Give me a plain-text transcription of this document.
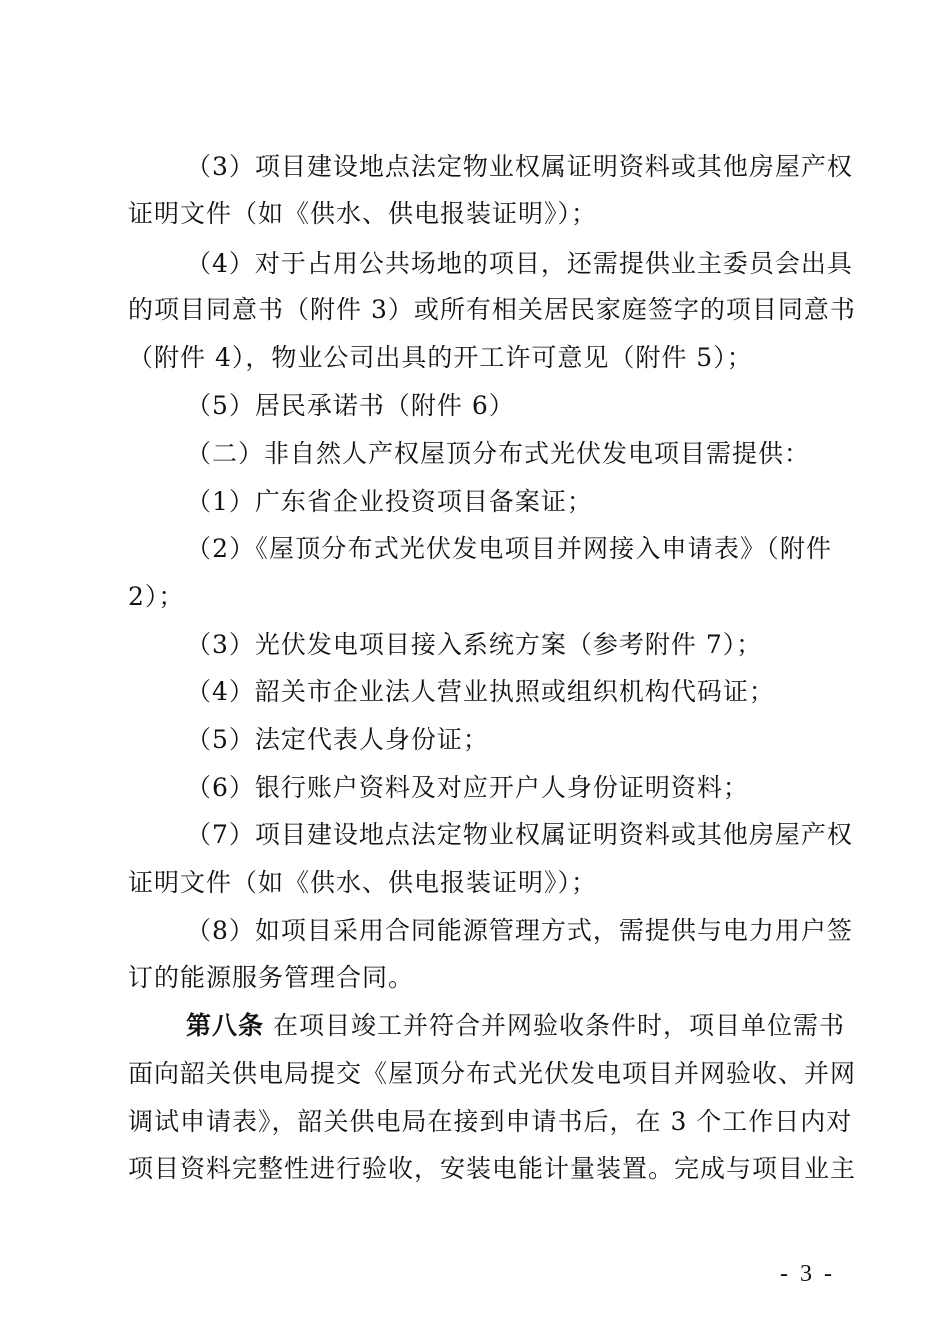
（3）项目建设地点法定物业权属证明资料或其他房屋产权
证明文件（如《供水、供电报装证明》）；
（4）对于占用公共场地的项目，还需提供业主委员会出具
的项目同意书（附件 3）或所有相关居民家庭签字的项目同意书
（附件 4），物业公司出具的开工许可意见（附件 5）；
（5）居民承诺书（附件 6）
（二）非自然人产权屋顶分布式光伏发电项目需提供：
（1）广东省企业投资项目备案证；
（2）《屋顶分布式光伏发电项目并网接入申请表》（附件
2）；
（3）光伏发电项目接入系统方案（参考附件 7）；
（4）韶关市企业法人营业执照或组织机构代码证；
（5）法定代表人身份证；
（6）银行账户资料及对应开户人身份证明资料；
（7）项目建设地点法定物业权属证明资料或其他房屋产权
证明文件（如《供水、供电报装证明》）；
（8）如项目采用合同能源管理方式，需提供与电力用户签
订的能源服务管理合同。
第八条 在项目竣工并符合并网验收条件时，项目单位需书
面向韶关供电局提交《屋顶分布式光伏发电项目并网验收、并网
调试申请表》，韶关供电局在接到申请书后，在 3 个工作日内对
项目资料完整性进行验收，安装电能计量装置。完成与项目业主
- 3 -
